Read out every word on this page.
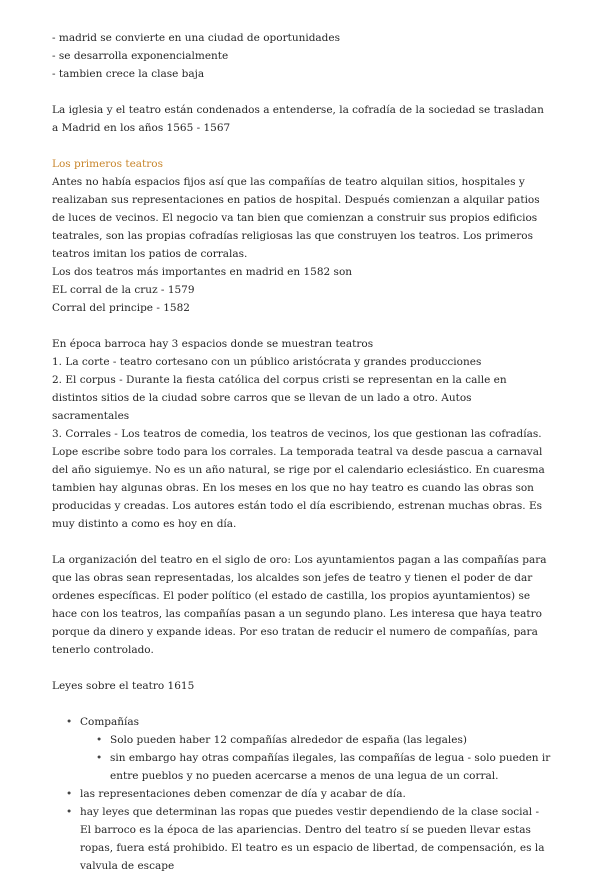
- madrid se convierte en una ciudad de oportunidades
- se desarrolla exponencialmente
- tambien crece la clase baja

La iglesia y el teatro están condenados a entenderse, la cofradía de la sociedad se trasladan a Madrid en los años 1565 - 1567

Los primeros teatros

Antes no había espacios fijos así que las compañías de teatro alquilan sitios, hospitales y realizaban sus representaciones en patios de hospital. Después comienzan a alquilar patios de luces de vecinos. El negocio va tan bien que comienzan a construir sus propios edificios teatrales, son las propias cofradías religiosas las que construyen los teatros. Los primeros teatros imitan los patios de corralas.

Los dos teatros más importantes en madrid en 1582 son
EL corral de la cruz - 1579
Corral del principe - 1582
En época barroca hay 3 espacios donde se muestran teatros

1. La corte - teatro cortesano con un público aristócrata y grandes producciones

2. El corpus - Durante la fiesta católica del corpus cristi se representan en la calle en distintos sitios de la ciudad sobre carros que se llevan de un lado a otro. Autos sacramentales

3. Corrales - Los teatros de comedia, los teatros de vecinos, los que gestionan las cofradías. Lope escribe sobre todo para los corrales. La temporada teatral va desde pascua a carnaval del año siguiemye. No es un año natural, se rige por el calendario eclesiástico. En cuaresma tambien hay algunas obras. En los meses en los que no hay teatro es cuando las obras son producidas y creadas. Los autores están todo el día escribiendo, estrenan muchas obras. Es muy distinto a como es hoy en día.

La organización del teatro en el siglo de oro: Los ayuntamientos pagan a las compañías para que las obras sean representadas, los alcaldes son jefes de teatro y tienen el poder de dar ordenes específicas. El poder político (el estado de castilla, los propios ayuntamientos) se hace con los teatros, las compañías pasan a un segundo plano. Les interesa que haya teatro porque da dinero y expande ideas. Por eso tratan de reducir el numero de compañías, para tenerlo controlado.

Leyes sobre el teatro 1615
• Compañías
• Solo pueden haber 12 compañías alrededor de españa (las legales)
• sin embargo hay otras compañías ilegales, las compañías de legua - solo pueden ir entre pueblos y no pueden acercarse a menos de una legua de un corral.
• las representaciones deben comenzar de día y acabar de día.
• hay leyes que determinan las ropas que puedes vestir dependiendo de la clase social - El barroco es la época de las apariencias. Dentro del teatro sí se pueden llevar estas ropas, fuera está prohibido. El teatro es un espacio de libertad, de compensación, es la valvula de escape
